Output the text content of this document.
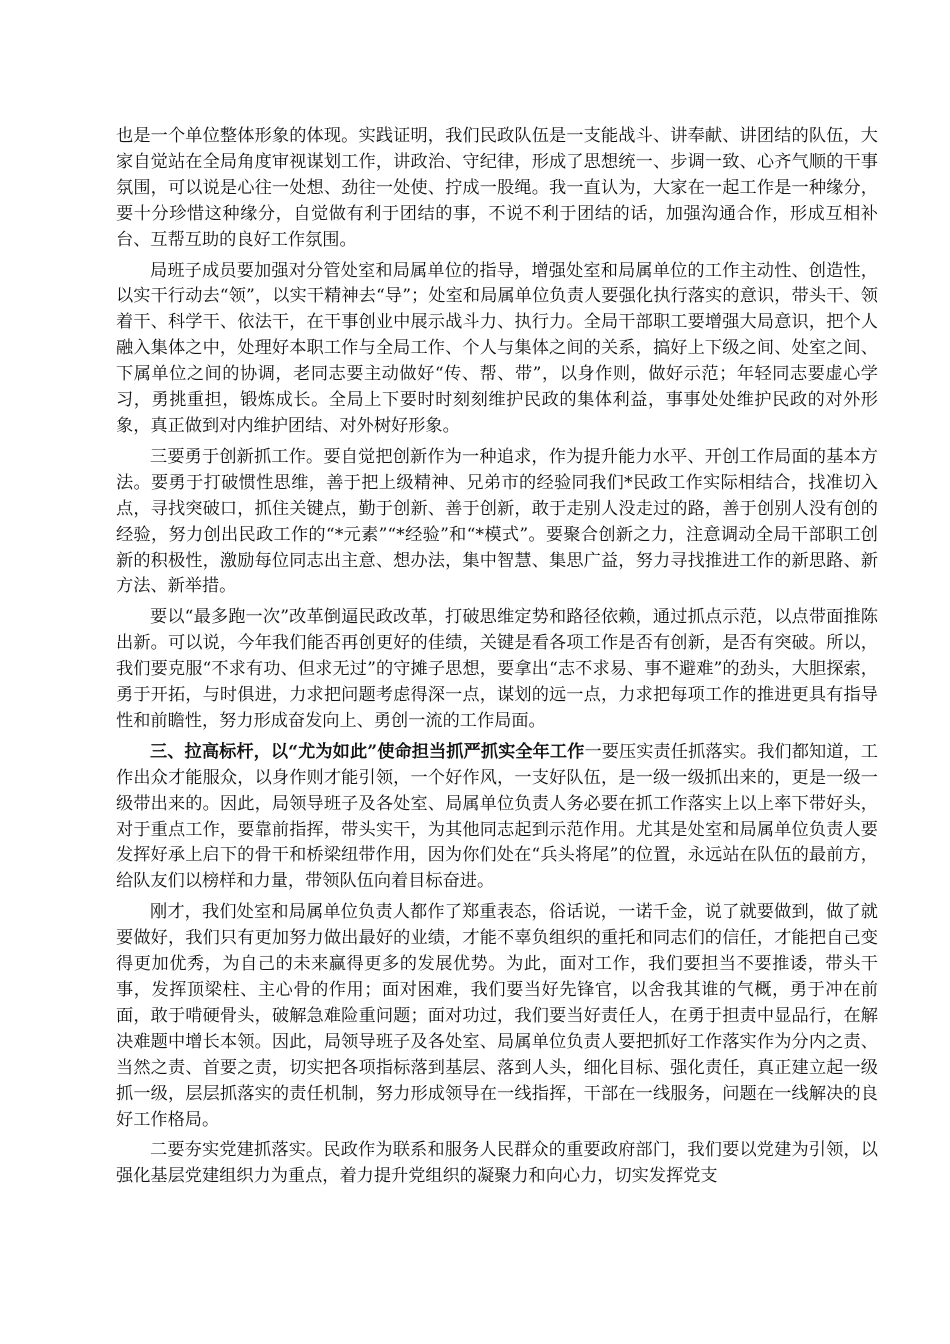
也是一个单位整体形象的体现。实践证明，我们民政队伍是一支能战斗、讲奉献、讲团结的队伍，大家自觉站在全局角度审视谋划工作，讲政治、守纪律，形成了思想统一、步调一致、心齐气顺的干事氛围，可以说是心往一处想、劲往一处使、拧成一股绳。我一直认为，大家在一起工作是一种缘分，要十分珍惜这种缘分，自觉做有利于团结的事，不说不利于团结的话，加强沟通合作，形成互相补台、互帮互助的良好工作氛围。

局班子成员要加强对分管处室和局属单位的指导，增强处室和局属单位的工作主动性、创造性，以实干行动去“领”，以实干精神去“导”；处室和局属单位负责人要强化执行落实的意识，带头干、领着干、科学干、依法干，在干事创业中展示战斗力、执行力。全局干部职工要增强大局意识，把个人融入集体之中，处理好本职工作与全局工作、个人与集体之间的关系，搞好上下级之间、处室之间、下属单位之间的协调，老同志要主动做好“传、帮、带”，以身作则，做好示范；年轻同志要虚心学习，勇挑重担，锻炼成长。全局上下要时时刻刻维护民政的集体利益，事事处处维护民政的对外形象，真正做到对内维护团结、对外树好形象。

三要勇于创新抓工作。要自觉把创新作为一种追求，作为提升能力水平、开创工作局面的基本方法。要勇于打破惯性思维，善于把上级精神、兄弟市的经验同我们*民政工作实际相结合，找准切入点，寻找突破口，抓住关键点，勤于创新、善于创新，敢于走别人没走过的路，善于创别人没有创的经验，努力创出民政工作的“*元素”“*经验”和“*模式”。要聚合创新之力，注意调动全局干部职工创新的积极性，激励每位同志出主意、想办法，集中智慧、集思广益，努力寻找推进工作的新思路、新方法、新举措。

要以“最多跑一次”改革倒逼民政改革，打破思维定势和路径依赖，通过抓点示范，以点带面推陈出新。可以说，今年我们能否再创更好的佳绩，关键是看各项工作是否有创新，是否有突破。所以，我们要克服“不求有功、但求无过”的守摊子思想，要拿出“志不求易、事不避难”的劲头，大胆探索，勇于开拓，与时俱进，力求把问题考虑得深一点，谋划的远一点，力求把每项工作的推进更具有指导性和前瞻性，努力形成奋发向上、勇创一流的工作局面。

三、拉高标杆，以“尤为如此”使命担当抓严抓实全年工作一要压实责任抓落实。我们都知道，工作出众才能服众，以身作则才能引领，一个好作风，一支好队伍，是一级一级抓出来的，更是一级一级带出来的。因此，局领导班子及各处室、局属单位负责人务必要在抓工作落实上以上率下带好头，对于重点工作，要靠前指挥，带头实干，为其他同志起到示范作用。尤其是处室和局属单位负责人要发挥好承上启下的骨干和桥梁纽带作用，因为你们处在“兵头将尾”的位置，永远站在队伍的最前方，给队友们以榜样和力量，带领队伍向着目标奋进。

刚才，我们处室和局属单位负责人都作了郑重表态，俗话说，一诺千金，说了就要做到，做了就要做好，我们只有更加努力做出最好的业绩，才能不辜负组织的重托和同志们的信任，才能把自己变得更加优秀，为自己的未来赢得更多的发展优势。为此，面对工作，我们要担当不要推诿，带头干事，发挥顶梁柱、主心骨的作用；面对困难，我们要当好先锋官，以舍我其谁的气概，勇于冲在前面，敢于啃硬骨头，破解急难险重问题；面对功过，我们要当好责任人，在勇于担责中显品行，在解决难题中增长本领。因此，局领导班子及各处室、局属单位负责人要把抓好工作落实作为分内之责、当然之责、首要之责，切实把各项指标落到基层、落到人头，细化目标、强化责任，真正建立起一级抓一级，层层抓落实的责任机制，努力形成领导在一线指挥，干部在一线服务，问题在一线解决的良好工作格局。

二要夯实党建抓落实。民政作为联系和服务人民群众的重要政府部门，我们要以党建为引领，以强化基层党建组织力为重点，着力提升党组织的凝聚力和向心力，切实发挥党支
